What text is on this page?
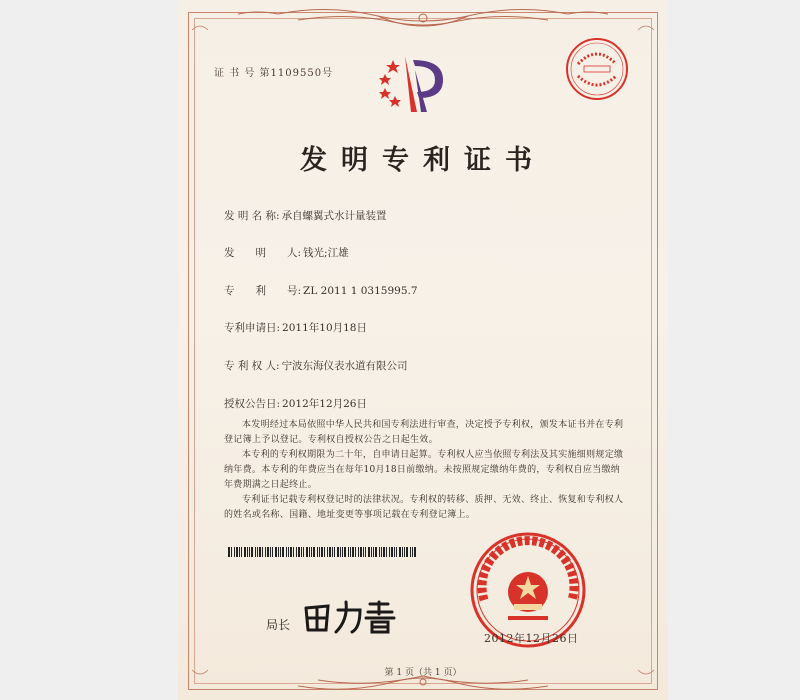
证 书 号 第1109550号
发明专利证书
发 明 名 称: 承自螺翼式水计量装置
发　　明　　人: 钱光;江雄
专　　利　　号: ZL 2011 1 0315995.7
专利申请日: 2011年10月18日
专 利 权 人: 宁波东海仪表水道有限公司
授权公告日: 2012年12月26日

本发明经过本局依照中华人民共和国专利法进行审查，决定授予专利权，颁发本证书并在专利登记簿上予以登记。专利权自授权公告之日起生效。

本专利的专利权期限为二十年，自申请日起算。专利权人应当依照专利法及其实施细则规定缴纳年费。本专利的年费应当在每年10月18日前缴纳。未按照规定缴纳年费的，专利权自应当缴纳年费期满之日起终止。

专利证书记载专利权登记时的法律状况。专利权的转移、质押、无效、终止、恢复和专利权人的姓名或名称、国籍、地址变更等事项记载在专利登记簿上。

局长
2012年12月26日
第 1 页（共 1 页）
